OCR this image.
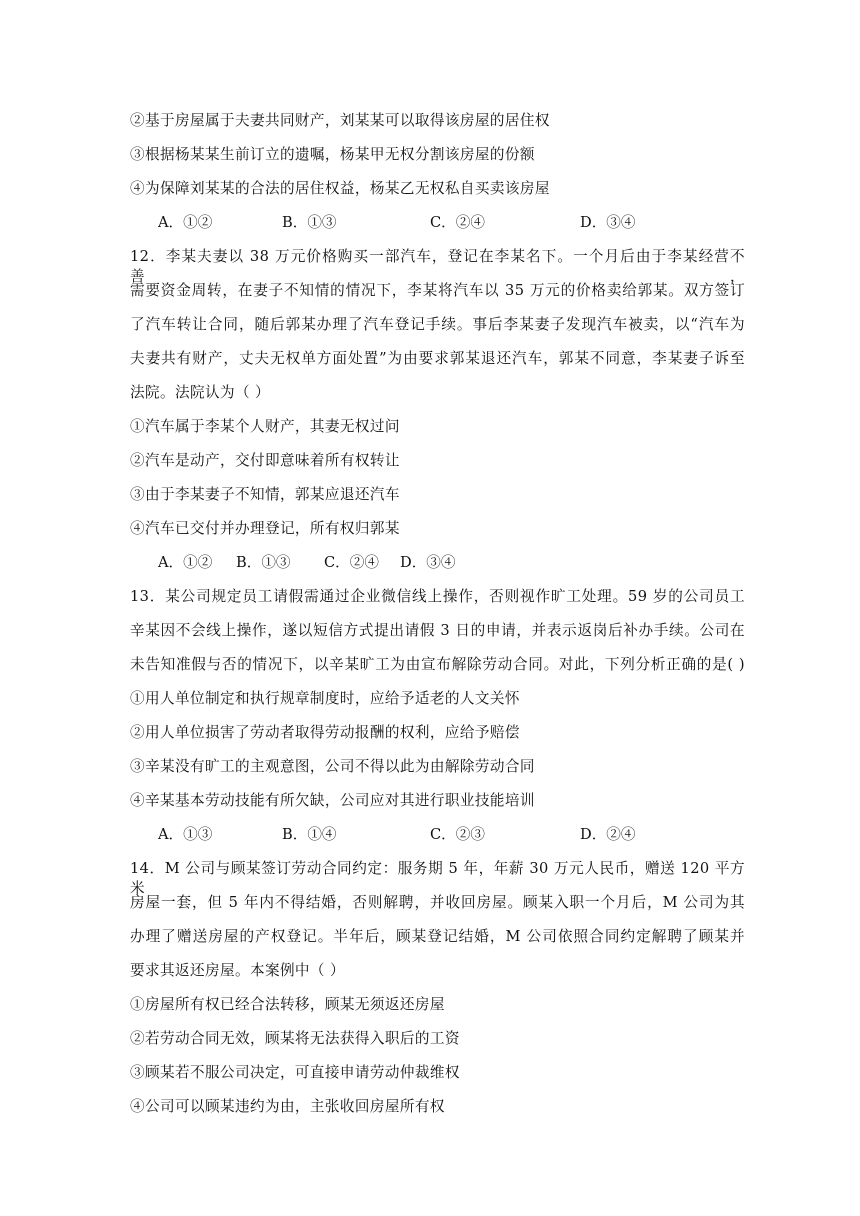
②基于房屋属于夫妻共同财产，刘某某可以取得该房屋的居住权
③根据杨某某生前订立的遗嘱，杨某甲无权分割该房屋的份额
④为保障刘某某的合法的居住权益，杨某乙无权私自买卖该房屋
A．①②	B．①③	C．②④	D．③④
12．李某夫妻以 38 万元价格购买一部汽车，登记在李某名下。一个月后由于李某经营不善，
需要资金周转，在妻子不知情的情况下，李某将汽车以 35 万元的价格卖给郭某。双方签订
了汽车转让合同，随后郭某办理了汽车登记手续。事后李某妻子发现汽车被卖，以“汽车为
夫妻共有财产，丈夫无权单方面处置”为由要求郭某退还汽车，郭某不同意，李某妻子诉至
法院。法院认为（ ）
①汽车属于李某个人财产，其妻无权过问
②汽车是动产，交付即意味着所有权转让
③由于李某妻子不知情，郭某应退还汽车
④汽车已交付并办理登记，所有权归郭某
A．①② B．①③ C．②④ D．③④
13．某公司规定员工请假需通过企业微信线上操作，否则视作旷工处理。59 岁的公司员工
辛某因不会线上操作，遂以短信方式提出请假 3 日的申请，并表示返岗后补办手续。公司在
未告知准假与否的情况下，以辛某旷工为由宣布解除劳动合同。对此，下列分析正确的是( )
①用人单位制定和执行规章制度时，应给予适老的人文关怀
②用人单位损害了劳动者取得劳动报酬的权利，应给予赔偿
③辛某没有旷工的主观意图，公司不得以此为由解除劳动合同
④辛某基本劳动技能有所欠缺，公司应对其进行职业技能培训
A．①③	B．①④	C．②③	D．②④
14．M 公司与顾某签订劳动合同约定：服务期 5 年，年薪 30 万元人民币，赠送 120 平方米
房屋一套，但 5 年内不得结婚，否则解聘，并收回房屋。顾某入职一个月后，M 公司为其
办理了赠送房屋的产权登记。半年后，顾某登记结婚，M 公司依照合同约定解聘了顾某并
要求其返还房屋。本案例中（ ）
①房屋所有权已经合法转移，顾某无须返还房屋
②若劳动合同无效，顾某将无法获得入职后的工资
③顾某若不服公司决定，可直接申请劳动仲裁维权
④公司可以顾某违约为由，主张收回房屋所有权
